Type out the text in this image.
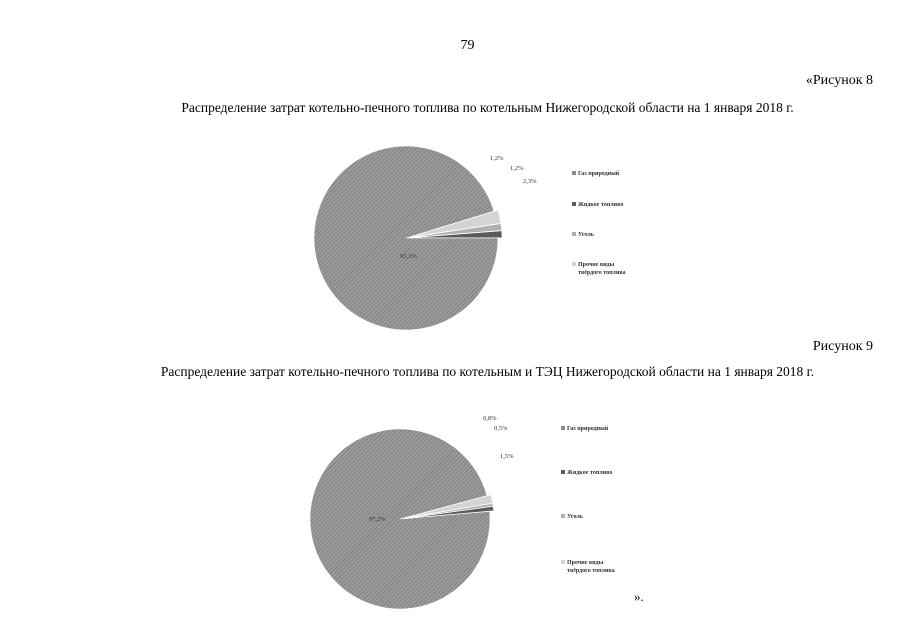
79
«Рисунок 8
Распределение затрат котельно-печного топлива по котельным Нижегородской области на 1 января 2018 г.
95,3%
1,2%
1,2%
2,3%
Газ природный
Жидкое топливо
Уголь
Прочие виды
твёрдого топлива
Рисунок 9
Распределение затрат котельно-печного топлива по котельным и ТЭЦ Нижегородской области на 1 января 2018 г.
97,2%
0,8%
0,5%
1,5%
Газ природный
Жидкое топливо
Уголь
Прочие виды
твёрдого топлива
».
